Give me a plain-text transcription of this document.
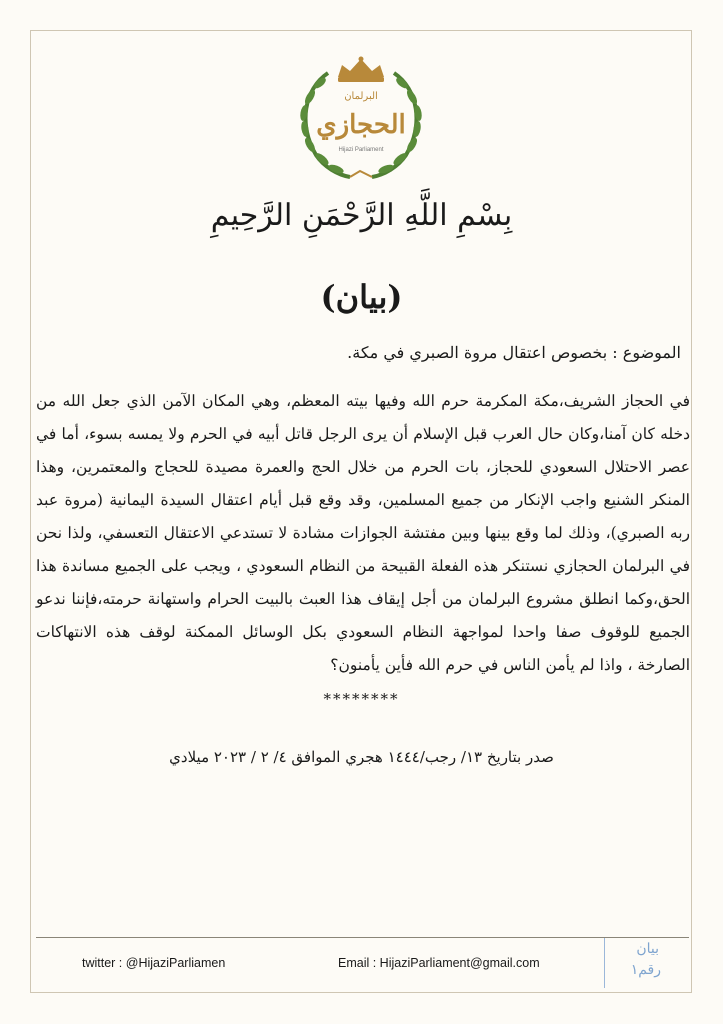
البرلمان
الحجازي
Hijazi Parliament
بِسْمِ اللَّهِ الرَّحْمَنِ الرَّحِيمِ
(بيان)
الموضوع : بخصوص اعتقال مروة الصبري في مكة.
في الحجاز الشريف،مكة المكرمة حرم الله وفيها بيته المعظم، وهي المكان الآمن الذي جعل الله من دخله كان آمنا،وكان حال العرب قبل الإسلام أن يرى الرجل قاتل أبيه في الحرم ولا يمسه بسوء، أما في عصر الاحتلال السعودي للحجاز، بات الحرم من خلال الحج والعمرة مصيدة للحجاج والمعتمرين، وهذا المنكر الشنيع واجب الإنكار من جميع المسلمين، وقد وقع قبل أيام اعتقال السيدة اليمانية (مروة عبد ربه الصبري)، وذلك لما وقع بينها وبين مفتشة الجوازات مشادة لا تستدعي الاعتقال التعسفي، ولذا نحن في البرلمان الحجازي نستنكر هذه الفعلة القبيحة من النظام السعودي ، ويجب على الجميع مساندة هذا الحق،وكما انطلق مشروع البرلمان من أجل إيقاف هذا العبث بالبيت الحرام واستهانة حرمته،فإننا ندعو الجميع للوقوف صفا واحدا لمواجهة النظام السعودي بكل الوسائل الممكنة لوقف هذه الانتهاكات الصارخة ، واذا لم يأمن الناس في حرم الله فأين يأمنون؟
********
صدر بتاريخ ١٣/ رجب/١٤٤٤ هجري الموافق ٤/ ٢ / ٢٠٢٣ ميلادي
twitter : @HijaziParliamen	Email : HijaziParliament@gmail.com
بيان
رقم١
